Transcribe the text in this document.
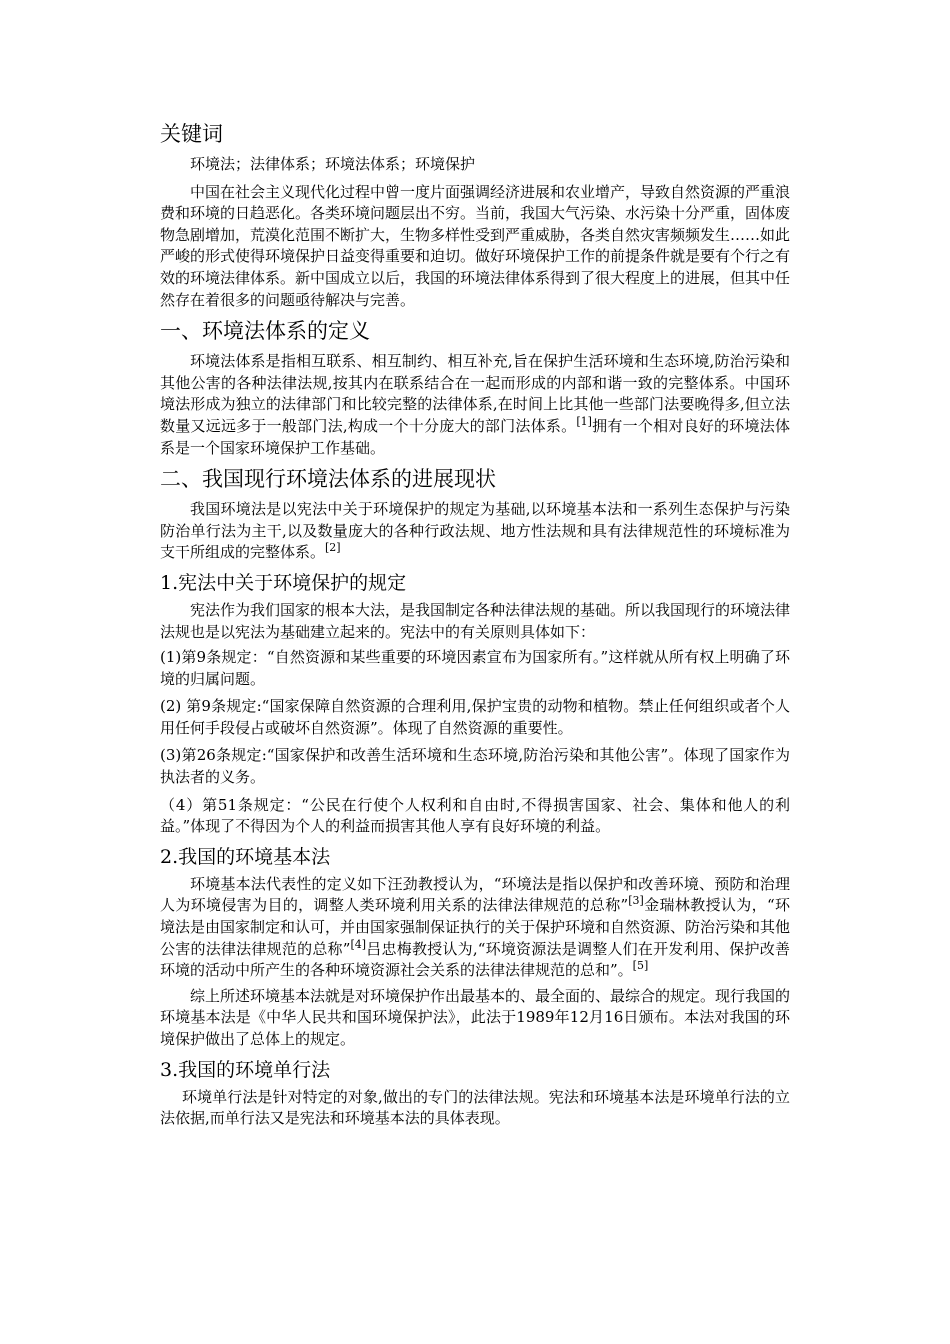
关键词

环境法；法律体系；环境法体系；环境保护

中国在社会主义现代化过程中曾一度片面强调经济进展和农业增产，导致自然资源的严重浪费和环境的日趋恶化。各类环境问题层出不穷。当前，我国大气污染、水污染十分严重，固体废物急剧增加，荒漠化范围不断扩大，生物多样性受到严重威胁，各类自然灾害频频发生……如此严峻的形式使得环境保护日益变得重要和迫切。做好环境保护工作的前提条件就是要有个行之有效的环境法律体系。新中国成立以后，我国的环境法律体系得到了很大程度上的进展，但其中任然存在着很多的问题亟待解决与完善。

一、环境法体系的定义

环境法体系是指相互联系、相互制约、相互补充,旨在保护生活环境和生态环境,防治污染和其他公害的各种法律法规,按其内在联系结合在一起而形成的内部和谐一致的完整体系。中国环境法形成为独立的法律部门和比较完整的法律体系,在时间上比其他一些部门法要晚得多,但立法数量又远远多于一般部门法,构成一个十分庞大的部门法体系。[1]拥有一个相对良好的环境法体系是一个国家环境保护工作基础。

二、我国现行环境法体系的进展现状

我国环境法是以宪法中关于环境保护的规定为基础,以环境基本法和一系列生态保护与污染防治单行法为主干,以及数量庞大的各种行政法规、地方性法规和具有法律规范性的环境标准为支干所组成的完整体系。[2]

1.宪法中关于环境保护的规定

宪法作为我们国家的根本大法，是我国制定各种法律法规的基础。所以我国现行的环境法律法规也是以宪法为基础建立起来的。宪法中的有关原则具体如下：

(1)第9条规定：“自然资源和某些重要的环境因素宣布为国家所有。”这样就从所有权上明确了环境的归属问题。

(2) 第9条规定:“国家保障自然资源的合理利用,保护宝贵的动物和植物。禁止任何组织或者个人用任何手段侵占或破坏自然资源”。体现了自然资源的重要性。

(3)第26条规定:“国家保护和改善生活环境和生态环境,防治污染和其他公害”。体现了国家作为执法者的义务。

（4）第51条规定：“公民在行使个人权利和自由时,不得损害国家、社会、集体和他人的利益。”体现了不得因为个人的利益而损害其他人享有良好环境的利益。

2.我国的环境基本法

环境基本法代表性的定义如下汪劲教授认为，“环境法是指以保护和改善环境、预防和治理人为环境侵害为目的，调整人类环境利用关系的法律法律规范的总称”[3]金瑞林教授认为，“环境法是由国家制定和认可，并由国家强制保证执行的关于保护环境和自然资源、防治污染和其他公害的法律法律规范的总称”[4]吕忠梅教授认为,“环境资源法是调整人们在开发利用、保护改善环境的活动中所产生的各种环境资源社会关系的法律法律规范的总和”。[5]

综上所述环境基本法就是对环境保护作出最基本的、最全面的、最综合的规定。现行我国的环境基本法是《中华人民共和国环境保护法》，此法于1989年12月16日颁布。本法对我国的环境保护做出了总体上的规定。

3.我国的环境单行法

环境单行法是针对特定的对象,做出的专门的法律法规。宪法和环境基本法是环境单行法的立法依据,而单行法又是宪法和环境基本法的具体表现。
